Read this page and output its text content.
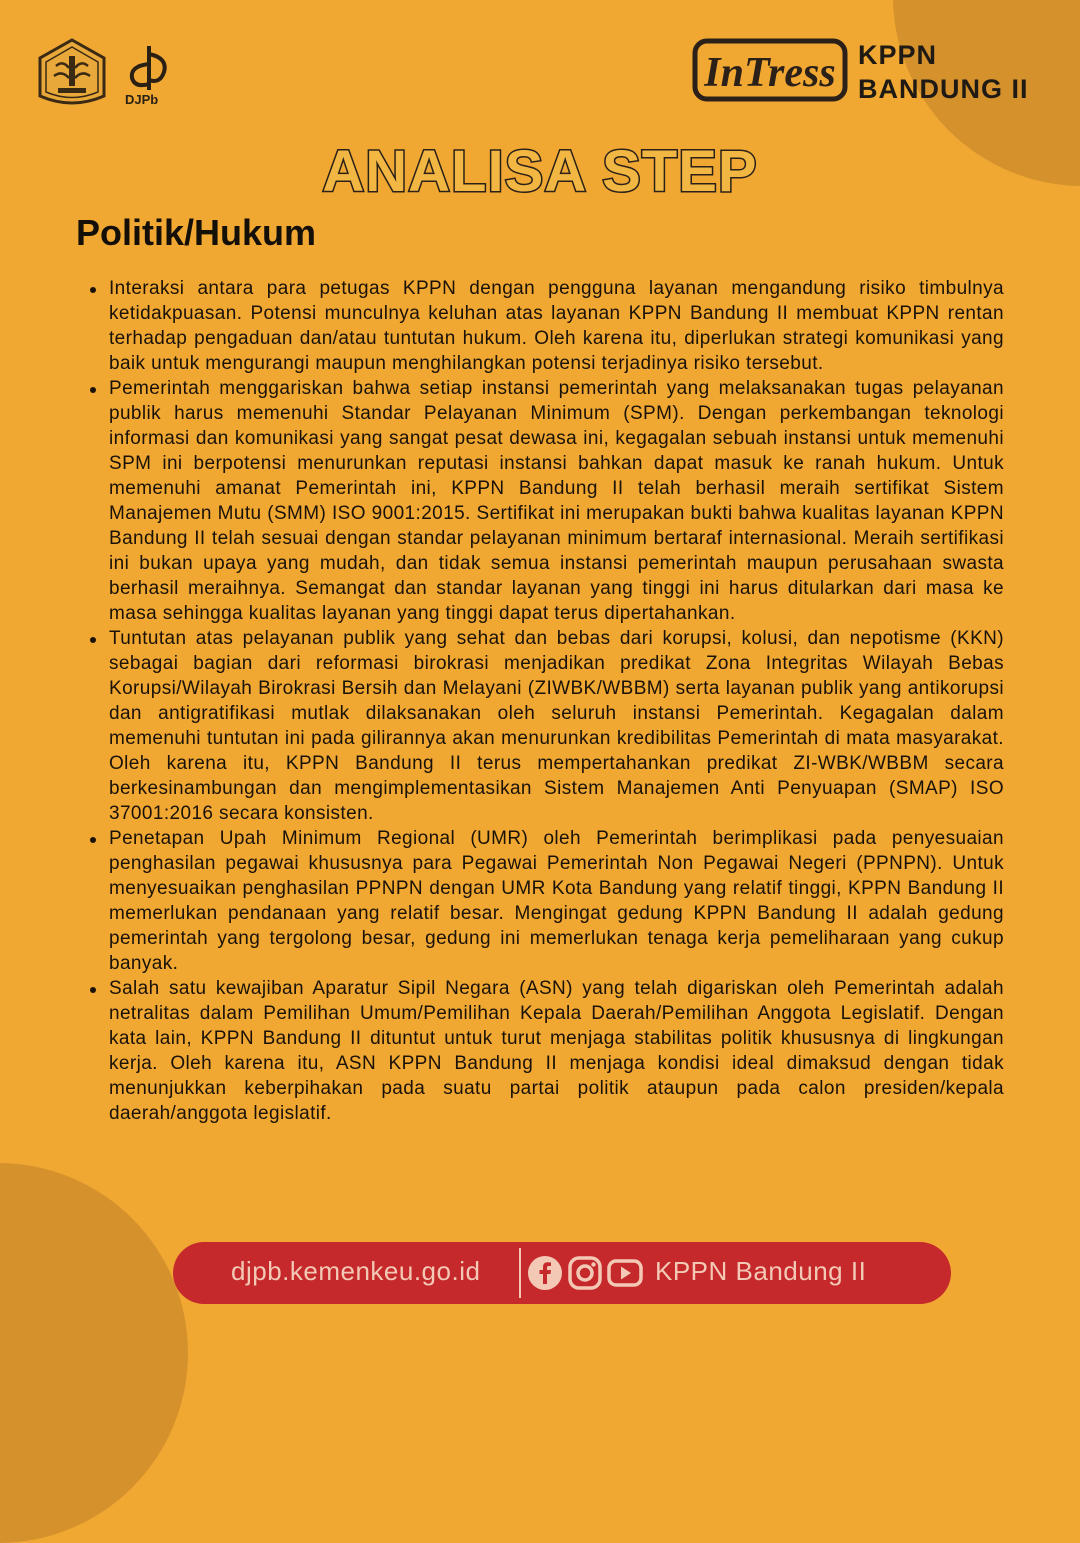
DJPb
InTress KPPN
BANDUNG II
ANALISA STEP
Politik/Hukum
Interaksi antara para petugas KPPN dengan pengguna layanan mengandung risiko timbulnya ketidakpuasan. Potensi munculnya keluhan atas layanan KPPN Bandung II membuat KPPN rentan terhadap pengaduan dan/atau tuntutan hukum. Oleh karena itu, diperlukan strategi komunikasi yang baik untuk mengurangi maupun menghilangkan potensi terjadinya risiko tersebut.
Pemerintah menggariskan bahwa setiap instansi pemerintah yang melaksanakan tugas pelayanan publik harus memenuhi Standar Pelayanan Minimum (SPM). Dengan perkembangan teknologi informasi dan komunikasi yang sangat pesat dewasa ini, kegagalan sebuah instansi untuk memenuhi SPM ini berpotensi menurunkan reputasi instansi bahkan dapat masuk ke ranah hukum. Untuk memenuhi amanat Pemerintah ini, KPPN Bandung II telah berhasil meraih sertifikat Sistem Manajemen Mutu (SMM) ISO 9001:2015. Sertifikat ini merupakan bukti bahwa kualitas layanan KPPN Bandung II telah sesuai dengan standar pelayanan minimum bertaraf internasional. Meraih sertifikasi ini bukan upaya yang mudah, dan tidak semua instansi pemerintah maupun perusahaan swasta berhasil meraihnya. Semangat dan standar layanan yang tinggi ini harus ditularkan dari masa ke masa sehingga kualitas layanan yang tinggi dapat terus dipertahankan.
Tuntutan atas pelayanan publik yang sehat dan bebas dari korupsi, kolusi, dan nepotisme (KKN) sebagai bagian dari reformasi birokrasi menjadikan predikat Zona Integritas Wilayah Bebas Korupsi/Wilayah Birokrasi Bersih dan Melayani (ZIWBK/WBBM) serta layanan publik yang antikorupsi dan antigratifikasi mutlak dilaksanakan oleh seluruh instansi Pemerintah. Kegagalan dalam memenuhi tuntutan ini pada gilirannya akan menurunkan kredibilitas Pemerintah di mata masyarakat. Oleh karena itu, KPPN Bandung II terus mempertahankan predikat ZI-WBK/WBBM secara berkesinambungan dan mengimplementasikan Sistem Manajemen Anti Penyuapan (SMAP) ISO 37001:2016 secara konsisten.
Penetapan Upah Minimum Regional (UMR) oleh Pemerintah berimplikasi pada penyesuaian penghasilan pegawai khususnya para Pegawai Pemerintah Non Pegawai Negeri (PPNPN). Untuk menyesuaikan penghasilan PPNPN dengan UMR Kota Bandung yang relatif tinggi, KPPN Bandung II memerlukan pendanaan yang relatif besar. Mengingat gedung KPPN Bandung II adalah gedung pemerintah yang tergolong besar, gedung ini memerlukan tenaga kerja pemeliharaan yang cukup banyak.
Salah satu kewajiban Aparatur Sipil Negara (ASN) yang telah digariskan oleh Pemerintah adalah netralitas dalam Pemilihan Umum/Pemilihan Kepala Daerah/Pemilihan Anggota Legislatif. Dengan kata lain, KPPN Bandung II dituntut untuk turut menjaga stabilitas politik khususnya di lingkungan kerja. Oleh karena itu, ASN KPPN Bandung II menjaga kondisi ideal dimaksud dengan tidak menunjukkan keberpihakan pada suatu partai politik ataupun pada calon presiden/kepala daerah/anggota legislatif.
djpb.kemenkeu.go.id	KPPN Bandung II
